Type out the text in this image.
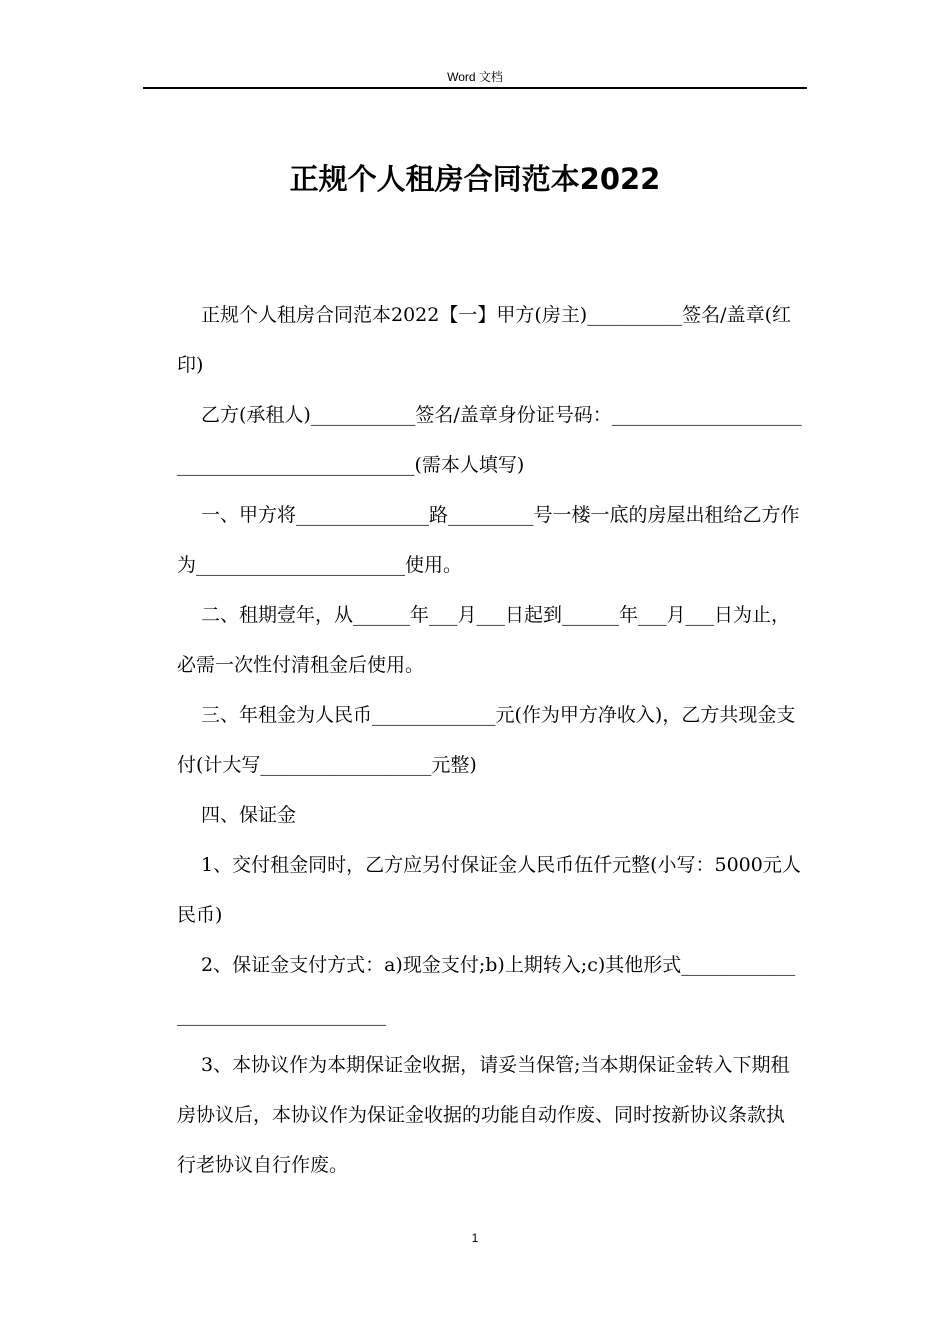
Word 文档
正规个人租房合同范本2022

正规个人租房合同范本2022【一】甲方(房主)__________签名/盖章(红印)

乙方(承租人)___________签名/盖章身份证号码：_____________________________________________(需本人填写)

一、甲方将______________路_________号一楼一底的房屋出租给乙方作为______________________使用。

二、租期壹年，从______年___月___日起到______年___月___日为止，必需一次性付清租金后使用。

三、年租金为人民币_____________元(作为甲方净收入)，乙方共现金支付(计大写__________________元整)

四、保证金

1、交付租金同时，乙方应另付保证金人民币伍仟元整(小写：5000元人民币)

2、保证金支付方式：a)现金支付;b)上期转入;c)其他形式__________________________________

3、本协议作为本期保证金收据，请妥当保管;当本期保证金转入下期租房协议后，本协议作为保证金收据的功能自动作废、同时按新协议条款执行老协议自行作废。

1
